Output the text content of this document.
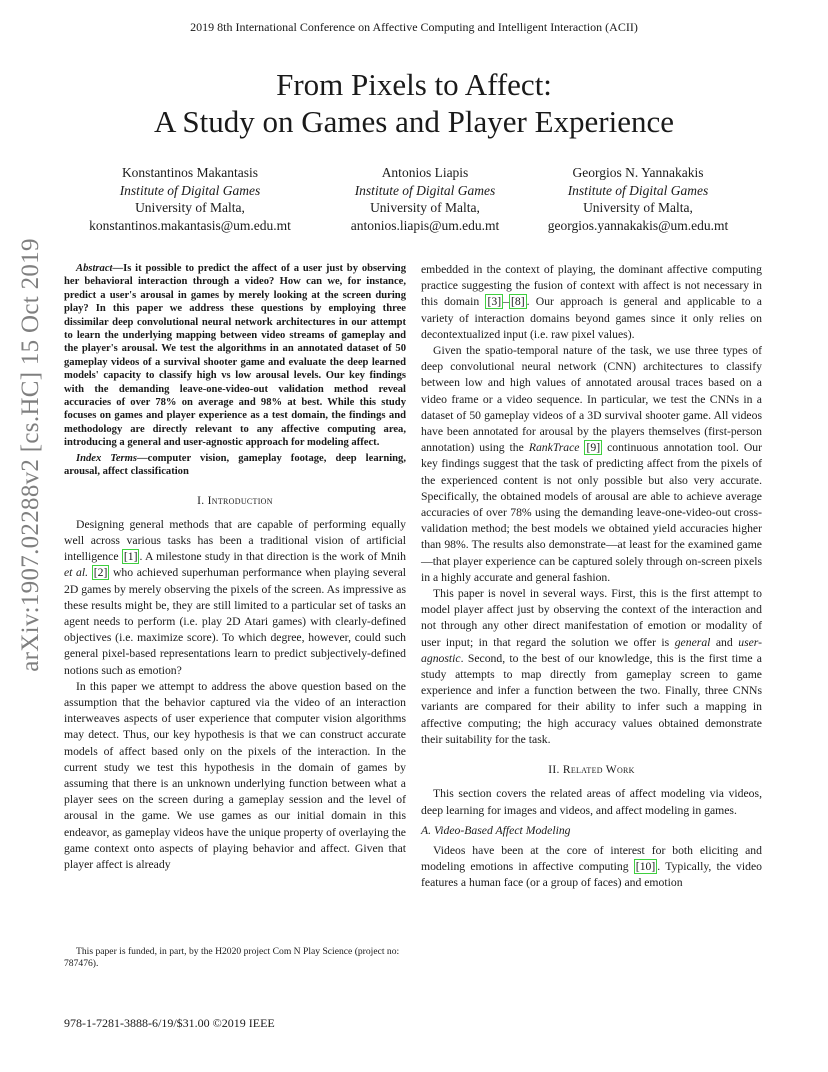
2019 8th International Conference on Affective Computing and Intelligent Interaction (ACII)
arXiv:1907.02288v2 [cs.HC] 15 Oct 2019
From Pixels to Affect:
A Study on Games and Player Experience
Konstantinos Makantasis
Institute of Digital Games
University of Malta,
konstantinos.makantasis@um.edu.mt
Antonios Liapis
Institute of Digital Games
University of Malta,
antonios.liapis@um.edu.mt
Georgios N. Yannakakis
Institute of Digital Games
University of Malta,
georgios.yannakakis@um.edu.mt

Abstract—Is it possible to predict the affect of a user just by observing her behavioral interaction through a video? How can we, for instance, predict a user's arousal in games by merely looking at the screen during play? In this paper we address these questions by employing three dissimilar deep convolutional neural network architectures in our attempt to learn the underlying mapping between video streams of gameplay and the player's arousal. We test the algorithms in an annotated dataset of 50 gameplay videos of a survival shooter game and evaluate the deep learned models' capacity to classify high vs low arousal levels. Our key findings with the demanding leave-one-video-out validation method reveal accuracies of over 78% on average and 98% at best. While this study focuses on games and player experience as a test domain, the findings and methodology are directly relevant to any affective computing area, introducing a general and user-agnostic approach for modeling affect.

Index Terms—computer vision, gameplay footage, deep learning, arousal, affect classification

I. Introduction

Designing general methods that are capable of performing equally well across various tasks has been a traditional vision of artificial intelligence [1] . A milestone study in that direction is the work of Mnih et al. [2] who achieved superhuman performance when playing several 2D games by merely observing the pixels of the screen. As impressive as these results might be, they are still limited to a particular set of tasks an agent needs to perform (i.e. play 2D Atari games) with clearly-defined objectives (i.e. maximize score). To which degree, however, could such general pixel-based representations learn to predict subjectively-defined notions such as emotion?

In this paper we attempt to address the above question based on the assumption that the behavior captured via the video of an interaction interweaves aspects of user experience that computer vision algorithms may detect. Thus, our key hypothesis is that we can construct accurate models of affect based only on the pixels of the interaction. In the current study we test this hypothesis in the domain of games by assuming that there is an unknown underlying function between what a player sees on the screen during a gameplay session and the level of arousal in the game. We use games as our initial domain in this endeavor, as gameplay videos have the unique property of overlaying the game context onto aspects of playing behavior and affect. Given that player affect is already

embedded in the context of playing, the dominant affective computing practice suggesting the fusion of context with affect is not necessary in this domain [3] – [8] . Our approach is general and applicable to a variety of interaction domains beyond games since it only relies on decontextualized input (i.e. raw pixel values).

Given the spatio-temporal nature of the task, we use three types of deep convolutional neural network (CNN) architectures to classify between low and high values of annotated arousal traces based on a video frame or a video sequence. In particular, we test the CNNs in a dataset of 50 gameplay videos of a 3D survival shooter game. All videos have been annotated for arousal by the players themselves (first-person annotation) using the RankTrace [9] continuous annotation tool. Our key findings suggest that the task of predicting affect from the pixels of the experienced content is not only possible but also very accurate. Specifically, the obtained models of arousal are able to achieve average accuracies of over 78% using the demanding leave-one-video-out cross-validation method; the best models we obtained yield accuracies higher than 98%. The results also demonstrate—at least for the examined game—that player experience can be captured solely through on-screen pixels in a highly accurate and general fashion.

This paper is novel in several ways. First, this is the first attempt to model player affect just by observing the context of the interaction and not through any other direct manifestation of emotion or modality of user input; in that regard the solution we offer is general and user-agnostic. Second, to the best of our knowledge, this is the first time a study attempts to map directly from gameplay screen to game experience and infer a function between the two. Finally, three CNNs variants are compared for their ability to infer such a mapping in affective computing; the high accuracy values obtained demonstrate their suitability for the task.

II. Related Work

This section covers the related areas of affect modeling via videos, deep learning for images and videos, and affect modeling in games.

A. Video-Based Affect Modeling

Videos have been at the core of interest for both eliciting and modeling emotions in affective computing [10] . Typically, the video features a human face (or a group of faces) and emotion

This paper is funded, in part, by the H2020 project Com N Play Science (project no: 787476).
978-1-7281-3888-6/19/$31.00 ©2019 IEEE
